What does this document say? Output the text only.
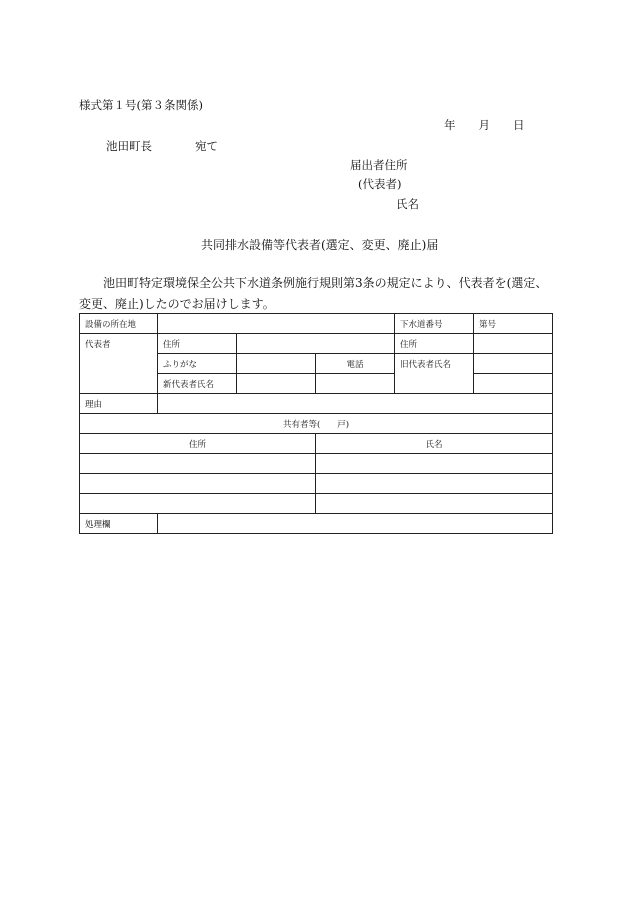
様式第１号(第３条関係)
年　　月　　日
池田町長	宛て
届出者住所
(代表者)
氏名
共同排水設備等代表者(選定、変更、廃止)届
池田町特定環境保全公共下水道条例施行規則第3条の規定により、代表者を(選定、変更、廃止)したのでお届けします。
設備の所在地				下水道番号	第号
代表者	住所			住所	
	ふりがな		電話	旧代表者氏名	
	新代表者氏名				
理由					
共有者等(　　戸)					
住所			氏名		

処理欄					
